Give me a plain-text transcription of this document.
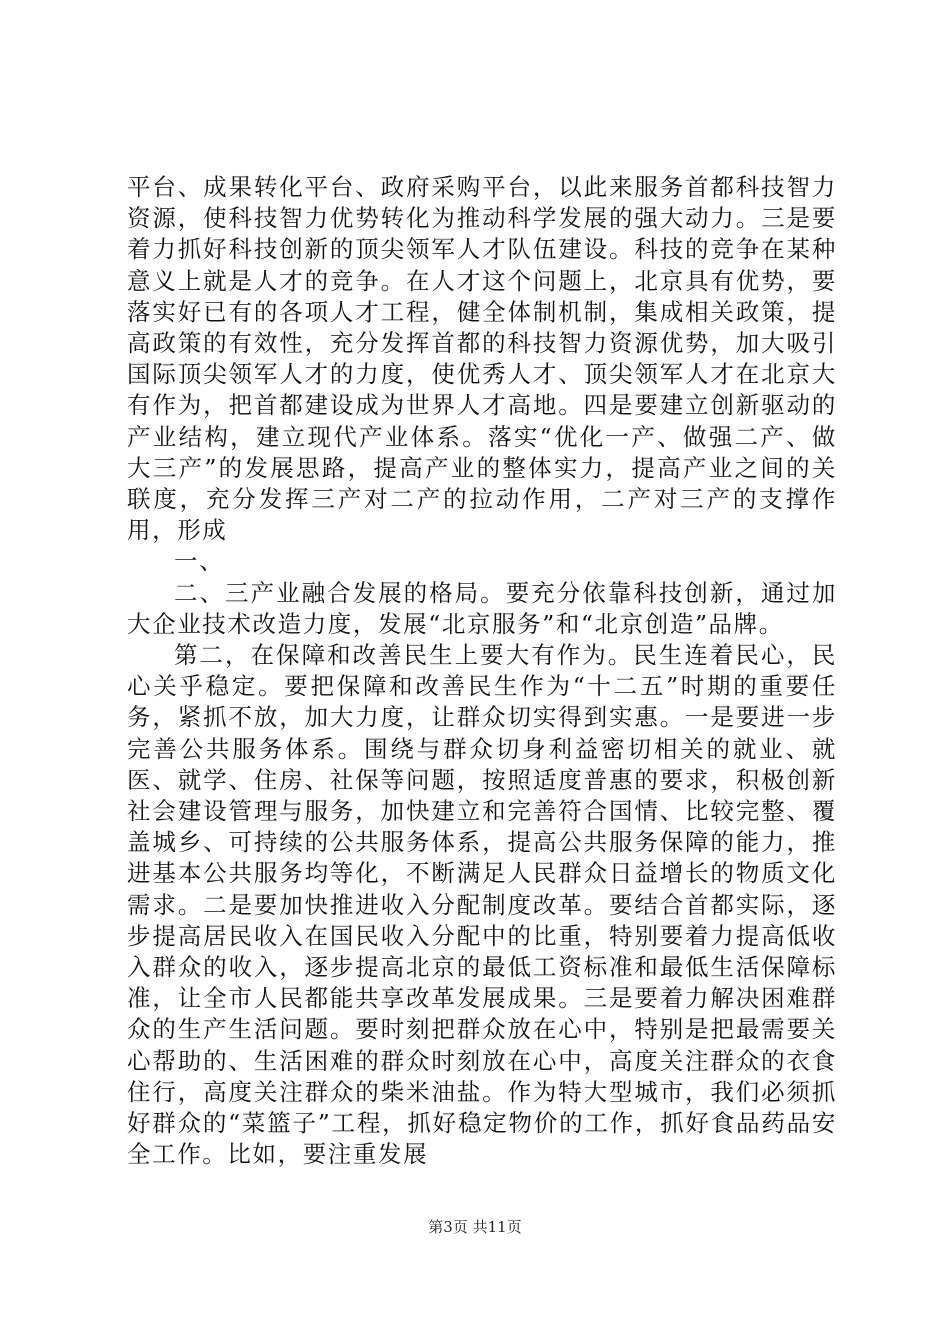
平台、成果转化平台、政府采购平台，以此来服务首都科技智力资源，使科技智力优势转化为推动科学发展的强大动力。三是要着力抓好科技创新的顶尖领军人才队伍建设。科技的竞争在某种意义上就是人才的竞争。在人才这个问题上，北京具有优势，要落实好已有的各项人才工程，健全体制机制，集成相关政策，提高政策的有效性，充分发挥首都的科技智力资源优势，加大吸引国际顶尖领军人才的力度，使优秀人才、顶尖领军人才在北京大有作为，把首都建设成为世界人才高地。四是要建立创新驱动的产业结构，建立现代产业体系。落实“优化一产、做强二产、做大三产”的发展思路，提高产业的整体实力，提高产业之间的关联度，充分发挥三产对二产的拉动作用，二产对三产的支撑作用，形成

一、

二、三产业融合发展的格局。要充分依靠科技创新，通过加大企业技术改造力度，发展“北京服务”和“北京创造”品牌。

第二，在保障和改善民生上要大有作为。民生连着民心，民心关乎稳定。要把保障和改善民生作为“十二五”时期的重要任务，紧抓不放，加大力度，让群众切实得到实惠。一是要进一步完善公共服务体系。围绕与群众切身利益密切相关的就业、就医、就学、住房、社保等问题，按照适度普惠的要求，积极创新社会建设管理与服务，加快建立和完善符合国情、比较完整、覆盖城乡、可持续的公共服务体系，提高公共服务保障的能力，推进基本公共服务均等化，不断满足人民群众日益增长的物质文化需求。二是要加快推进收入分配制度改革。要结合首都实际，逐步提高居民收入在国民收入分配中的比重，特别要着力提高低收入群众的收入，逐步提高北京的最低工资标准和最低生活保障标准，让全市人民都能共享改革发展成果。三是要着力解决困难群众的生产生活问题。要时刻把群众放在心中，特别是把最需要关心帮助的、生活困难的群众时刻放在心中，高度关注群众的衣食住行，高度关注群众的柴米油盐。作为特大型城市，我们必须抓好群众的“菜篮子”工程，抓好稳定物价的工作，抓好食品药品安全工作。比如，要注重发展

第3页 共11页
